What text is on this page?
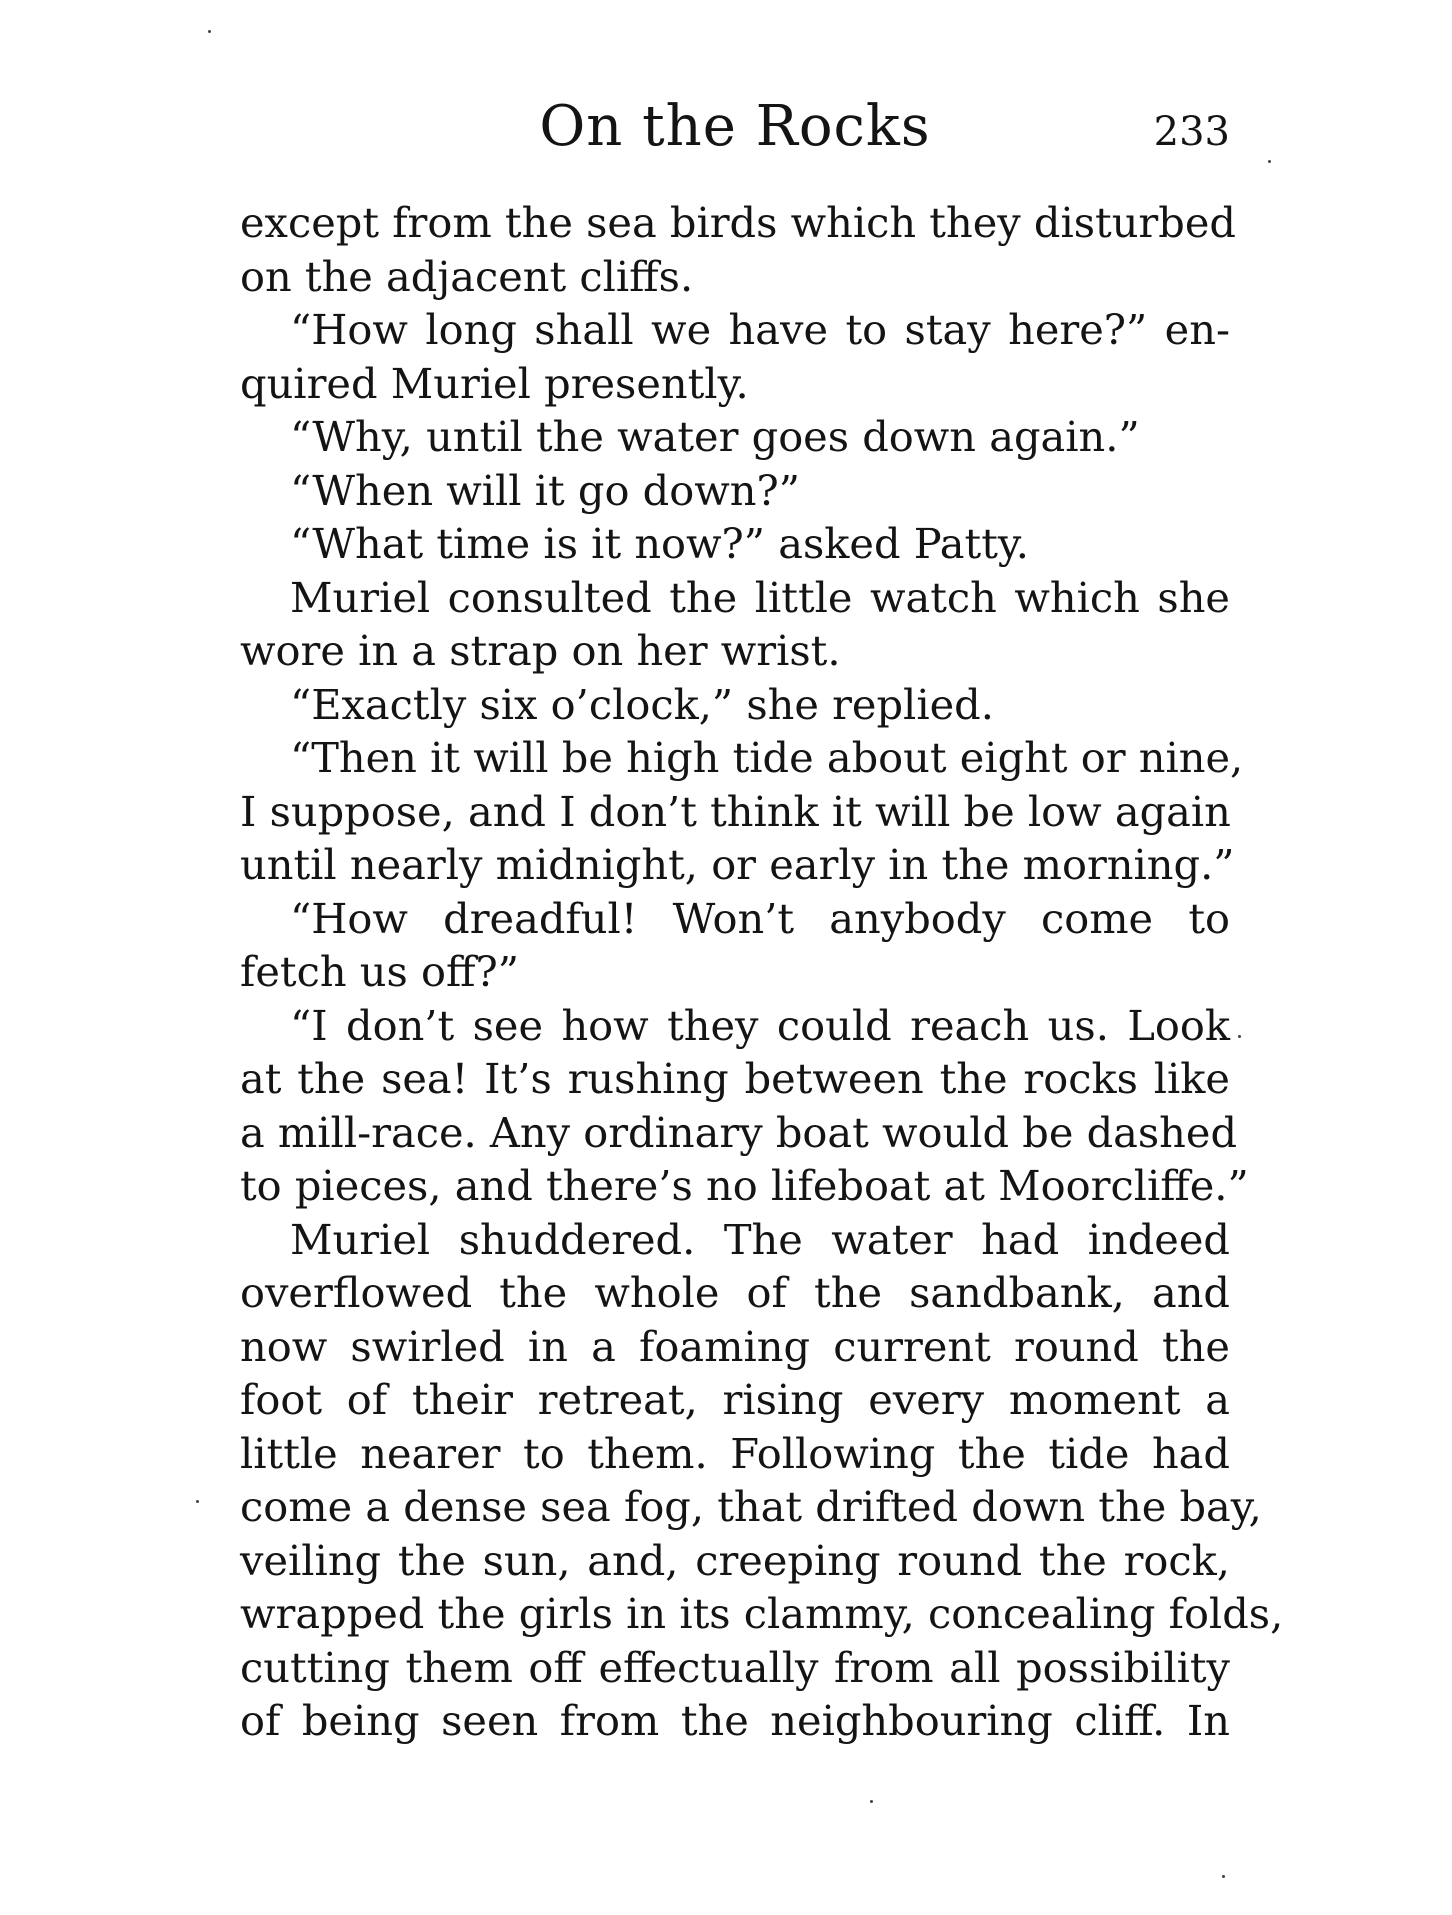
On the Rocks	233
except from the sea birds which they disturbed
on the adjacent cliffs.
“How long shall we have to stay here?” en-
quired Muriel presently.
“Why, until the water goes down again.”
“When will it go down?”
“What time is it now?” asked Patty.
Muriel consulted the little watch which she
wore in a strap on her wrist.
“Exactly six o’clock,” she replied.
“Then it will be high tide about eight or nine,
I suppose, and I don’t think it will be low again
until nearly midnight, or early in the morning.”
“How dreadful! Won’t anybody come to
fetch us off?”
“I don’t see how they could reach us. Look
at the sea! It’s rushing between the rocks like
a mill-race. Any ordinary boat would be dashed
to pieces, and there’s no lifeboat at Moorcliffe.”
Muriel shuddered. The water had indeed
overflowed the whole of the sandbank, and
now swirled in a foaming current round the
foot of their retreat, rising every moment a
little nearer to them. Following the tide had
come a dense sea fog, that drifted down the bay,
veiling the sun, and, creeping round the rock,
wrapped the girls in its clammy, concealing folds,
cutting them off effectually from all possibility
of being seen from the neighbouring cliff. In
